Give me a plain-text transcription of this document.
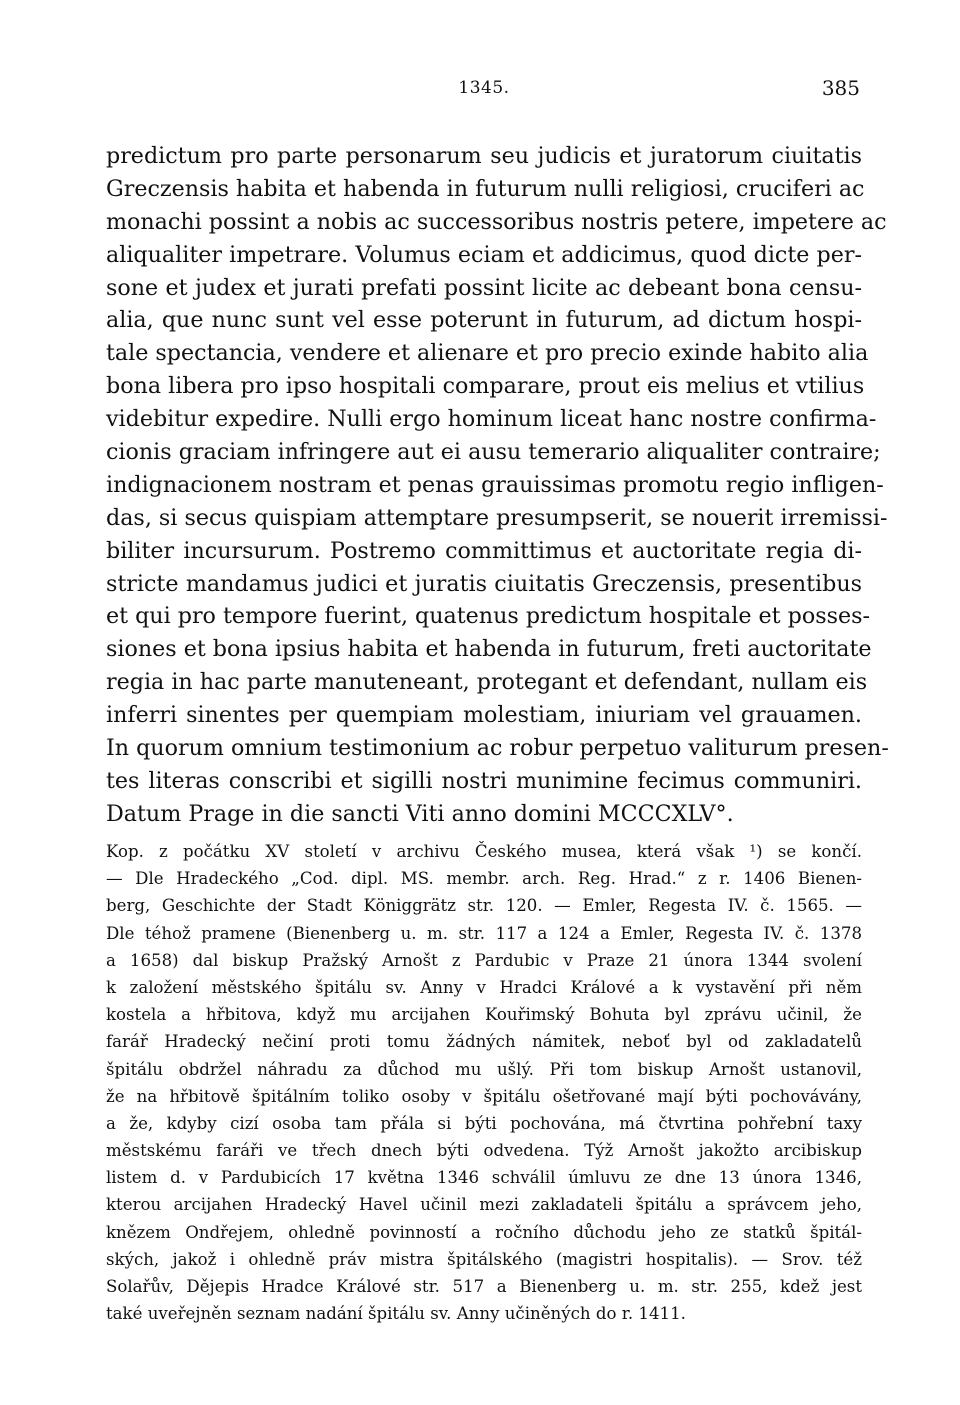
1345.	385
predictum pro parte personarum seu judicis et juratorum ciuitatis
Greczensis habita et habenda in futurum nulli religiosi, cruciferi ac
monachi possint a nobis ac successoribus nostris petere, impetere ac
aliqualiter impetrare. Volumus eciam et addicimus, quod dicte per-
sone et judex et jurati prefati possint licite ac debeant bona censu-
alia, que nunc sunt vel esse poterunt in futurum, ad dictum hospi-
tale spectancia, vendere et alienare et pro precio exinde habito alia
bona libera pro ipso hospitali comparare, prout eis melius et vtilius
videbitur expedire. Nulli ergo hominum liceat hanc nostre confirma-
cionis graciam infringere aut ei ausu temerario aliqualiter contraire;
indignacionem nostram et penas grauissimas promotu regio infligen-
das, si secus quispiam attemptare presumpserit, se nouerit irremissi-
biliter incursurum. Postremo committimus et auctoritate regia di-
stricte mandamus judici et juratis ciuitatis Greczensis, presentibus
et qui pro tempore fuerint, quatenus predictum hospitale et posses-
siones et bona ipsius habita et habenda in futurum, freti auctoritate
regia in hac parte manuteneant, protegant et defendant, nullam eis
inferri sinentes per quempiam molestiam, iniuriam vel grauamen.
In quorum omnium testimonium ac robur perpetuo valiturum presen-
tes literas conscribi et sigilli nostri munimine fecimus communiri.
Datum Prage in die sancti Viti anno domini MCCCXLV°.
Kop. z počátku XV století v archivu Českého musea, která však ¹) se končí.
— Dle Hradeckého „Cod. dipl. MS. membr. arch. Reg. Hrad.“ z r. 1406 Bienen-
berg, Geschichte der Stadt Königgrätz str. 120. — Emler, Regesta IV. č. 1565. —
Dle téhož pramene (Bienenberg u. m. str. 117 a 124 a Emler, Regesta IV. č. 1378
a 1658) dal biskup Pražský Arnošt z Pardubic v Praze 21 února 1344 svolení
k založení městského špitálu sv. Anny v Hradci Králové a k vystavění při něm
kostela a hřbitova, když mu arcijahen Kouřimský Bohuta byl zprávu učinil, že
farář Hradecký nečiní proti tomu žádných námitek, neboť byl od zakladatelů
špitálu obdržel náhradu za důchod mu ušlý. Při tom biskup Arnošt ustanovil,
že na hřbitově špitálním toliko osoby v špitálu ošetřované mají býti pochovávány,
a že, kdyby cizí osoba tam přála si býti pochována, má čtvrtina pohřební taxy
městskému faráři ve třech dnech býti odvedena. Týž Arnošt jakožto arcibiskup
listem d. v Pardubicích 17 května 1346 schválil úmluvu ze dne 13 února 1346,
kterou arcijahen Hradecký Havel učinil mezi zakladateli špitálu a správcem jeho,
knězem Ondřejem, ohledně povinností a ročního důchodu jeho ze statků špitál-
ských, jakož i ohledně práv mistra špitálského (magistri hospitalis). — Srov. též
Solařův, Dějepis Hradce Králové str. 517 a Bienenberg u. m. str. 255, kdež jest
také uveřejněn seznam nadání špitálu sv. Anny učiněných do r. 1411.
